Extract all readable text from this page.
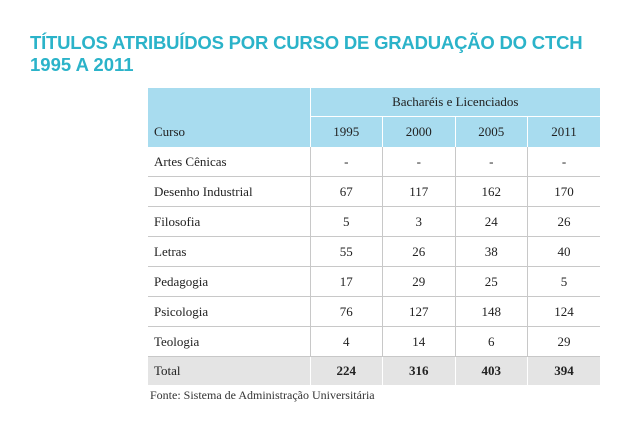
TÍTULOS ATRIBUÍDOS POR CURSO DE GRADUAÇÃO DO CTCH
1995 A 2011
	Bacharéis e Licenciados			
Curso	1995	2000	2005	2011
Artes Cênicas	-	-	-	-
Desenho Industrial	67	117	162	170
Filosofia	5	3	24	26
Letras	55	26	38	40
Pedagogia	17	29	25	5
Psicologia	76	127	148	124
Teologia	4	14	6	29
Total	224	316	403	394

Fonte: Sistema de Administração Universitária
